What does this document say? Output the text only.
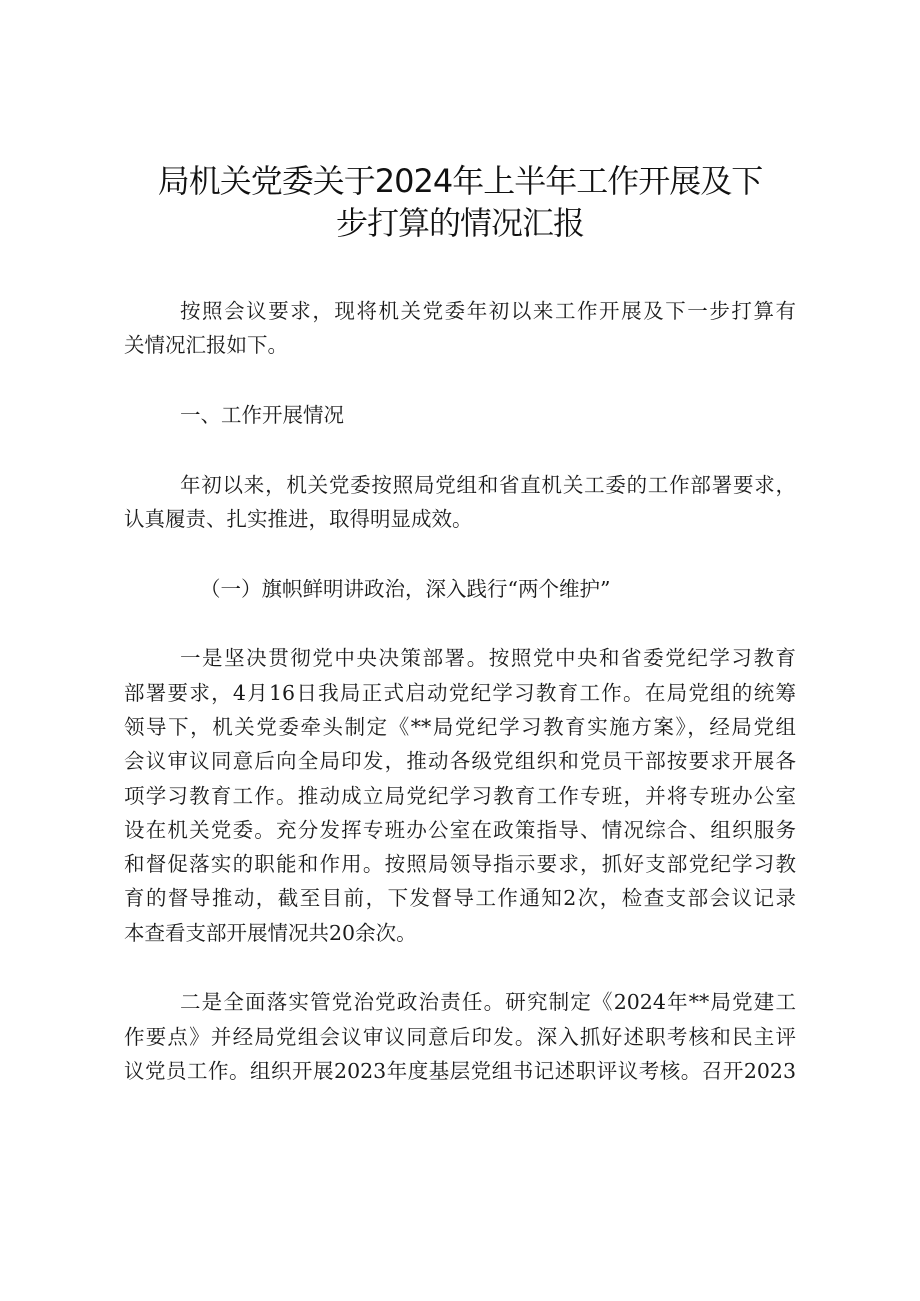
局机关党委关于2024年上半年工作开展及下
步打算的情况汇报
按照会议要求，现将机关党委年初以来工作开展及下一步打算有
关情况汇报如下。
一、工作开展情况
年初以来，机关党委按照局党组和省直机关工委的工作部署要求，
认真履责、扎实推进，取得明显成效。
（一）旗帜鲜明讲政治，深入践行“两个维护”
一是坚决贯彻党中央决策部署。按照党中央和省委党纪学习教育
部署要求，4月16日我局正式启动党纪学习教育工作。在局党组的统筹
领导下，机关党委牵头制定《**局党纪学习教育实施方案》，经局党组
会议审议同意后向全局印发，推动各级党组织和党员干部按要求开展各
项学习教育工作。推动成立局党纪学习教育工作专班，并将专班办公室
设在机关党委。充分发挥专班办公室在政策指导、情况综合、组织服务
和督促落实的职能和作用。按照局领导指示要求，抓好支部党纪学习教
育的督导推动，截至目前，下发督导工作通知2次，检查支部会议记录
本查看支部开展情况共20余次。
二是全面落实管党治党政治责任。研究制定《2024年**局党建工
作要点》并经局党组会议审议同意后印发。深入抓好述职考核和民主评
议党员工作。组织开展2023年度基层党组书记述职评议考核。召开2023
